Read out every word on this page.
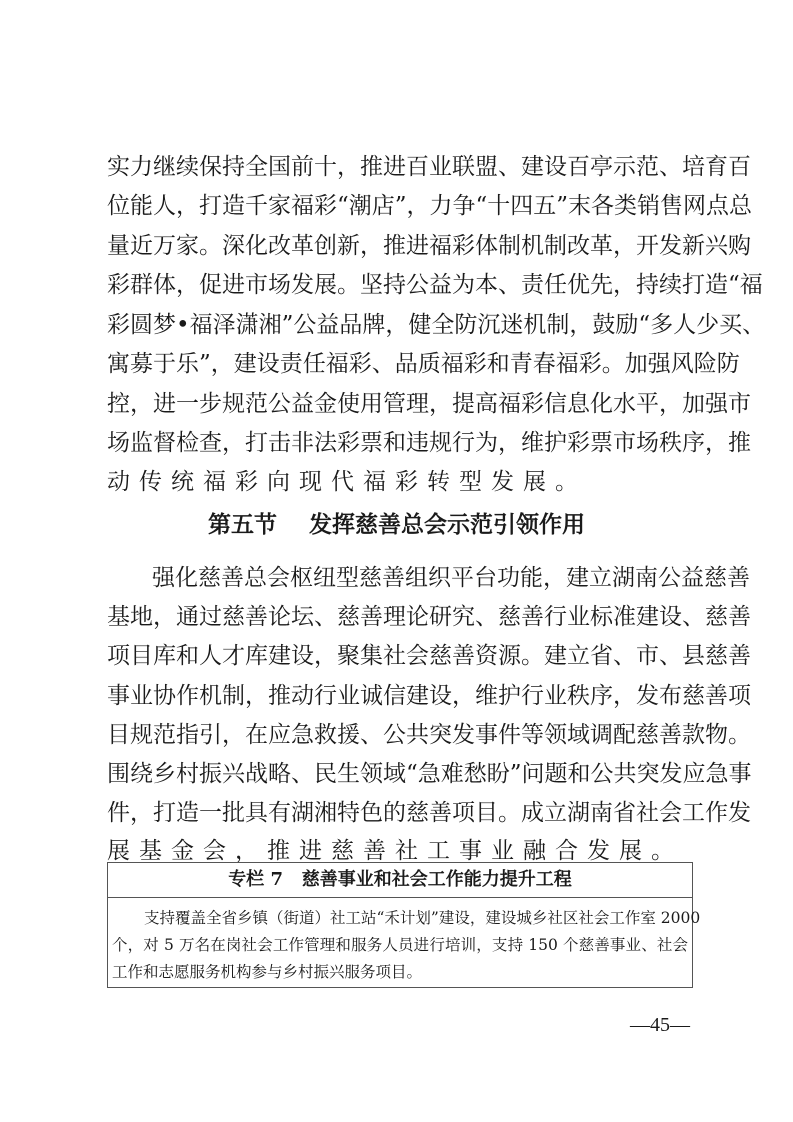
实力继续保持全国前十，推进百业联盟、建设百亭示范、培育百
位能人，打造千家福彩“潮店”，力争“十四五”末各类销售网点总
量近万家。深化改革创新，推进福彩体制机制改革，开发新兴购
彩群体，促进市场发展。坚持公益为本、责任优先，持续打造“福
彩圆梦•福泽潇湘”公益品牌，健全防沉迷机制，鼓励“多人少买、
寓募于乐”，建设责任福彩、品质福彩和青春福彩。加强风险防
控，进一步规范公益金使用管理，提高福彩信息化水平，加强市
场监督检查，打击非法彩票和违规行为，维护彩票市场秩序，推
动传统福彩向现代福彩转型发展。
第五节 发挥慈善总会示范引领作用
强化慈善总会枢纽型慈善组织平台功能，建立湖南公益慈善
基地，通过慈善论坛、慈善理论研究、慈善行业标准建设、慈善
项目库和人才库建设，聚集社会慈善资源。建立省、市、县慈善
事业协作机制，推动行业诚信建设，维护行业秩序，发布慈善项
目规范指引，在应急救援、公共突发事件等领域调配慈善款物。
围绕乡村振兴战略、民生领域“急难愁盼”问题和公共突发应急事
件，打造一批具有湖湘特色的慈善项目。成立湖南省社会工作发
展基金会，推进慈善社工事业融合发展。
专栏 7 慈善事业和社会工作能力提升工程
支持覆盖全省乡镇（街道）社工站“禾计划”建设，建设城乡社区社会工作室 2000
个，对 5 万名在岗社会工作管理和服务人员进行培训，支持 150 个慈善事业、社会
工作和志愿服务机构参与乡村振兴服务项目。
—45—
